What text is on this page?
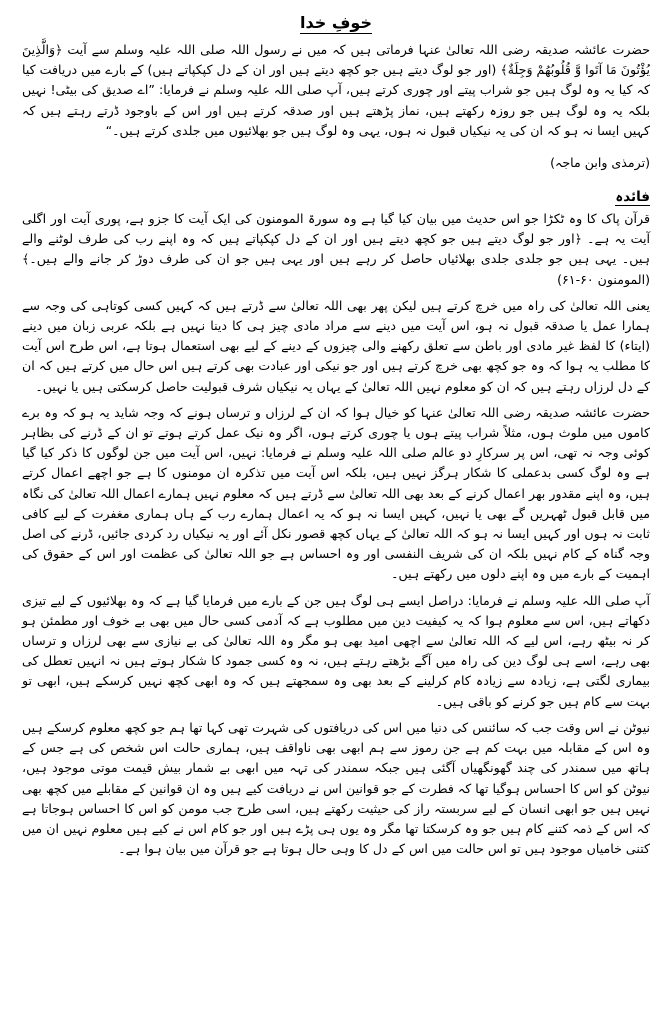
خوفِ خدا

حضرت عائشہ صدیقہ رضی اللہ تعالیٰ عنہا فرماتی ہیں کہ میں نے رسول اللہ صلی اللہ علیہ وسلم سے آیت ﴿وَالَّذِينَ يُؤْتُونَ مَا آتَوا وَّ قُلُوبُهُمْ وَجِلَةٌ﴾ (اور جو لوگ دیتے ہیں جو کچھ دیتے ہیں اور ان کے دل کپکپاتے ہیں) کے بارے میں دریافت کیا کہ کیا یہ وہ لوگ ہیں جو شراب پیتے اور چوری کرتے ہیں، آپ صلی اللہ علیہ وسلم نے فرمایا: ”اے صدیق کی بیٹی! نہیں بلکہ یہ وہ لوگ ہیں جو روزہ رکھتے ہیں، نماز پڑھتے ہیں اور صدقہ کرتے ہیں اور اس کے باوجود ڈرتے رہتے ہیں کہ کہیں ایسا نہ ہو کہ ان کی یہ نیکیاں قبول نہ ہوں، یہی وہ لوگ ہیں جو بھلائیوں میں جلدی کرتے ہیں۔“

(ترمذی وابن ماجہ)

فائدہ

قرآن پاک کا وہ ٹکڑا جو اس حدیث میں بیان کیا گیا ہے وہ سورۃ المومنون کی ایک آیت کا جزو ہے، پوری آیت اور اگلی آیت یہ ہے۔ ﴿اور جو لوگ دیتے ہیں جو کچھ دیتے ہیں اور ان کے دل کپکپاتے ہیں کہ وہ اپنے رب کی طرف لوٹنے والے ہیں۔ یہی ہیں جو جلدی جلدی بھلائیاں حاصل کر رہے ہیں اور یہی ہیں جو ان کی طرف دوڑ کر جانے والے ہیں۔﴾ (المومنون ۶۰-۶۱)

یعنی اللہ تعالیٰ کی راہ میں خرچ کرتے ہیں لیکن پھر بھی اللہ تعالیٰ سے ڈرتے ہیں کہ کہیں کسی کوتاہی کی وجہ سے ہمارا عمل یا صدقہ قبول نہ ہو، اس آیت میں دینے سے مراد مادی چیز ہی کا دینا نہیں ہے بلکہ عربی زبان میں دینے (ایتاء) کا لفظ غیر مادی اور باطن سے تعلق رکھنے والی چیزوں کے دینے کے لیے بھی استعمال ہوتا ہے، اس طرح اس آیت کا مطلب یہ ہوا کہ وہ جو کچھ بھی خرچ کرتے ہیں اور جو نیکی اور عبادت بھی کرتے ہیں اس حال میں کرتے ہیں کہ ان کے دل لرزاں رہتے ہیں کہ ان کو معلوم نہیں اللہ تعالیٰ کے یہاں یہ نیکیاں شرف قبولیت حاصل کرسکتی ہیں یا نہیں۔

حضرت عائشہ صدیقہ رضی اللہ تعالیٰ عنہا کو خیال ہوا کہ ان کے لرزاں و ترساں ہونے کہ وجہ شاید یہ ہو کہ وہ برے کاموں میں ملوث ہوں، مثلاً شراب پیتے ہوں یا چوری کرتے ہوں، اگر وہ نیک عمل کرتے ہوتے تو ان کے ڈرنے کی بظاہر کوئی وجہ نہ تھی، اس پر سرکارِ دو عالم صلی اللہ علیہ وسلم نے فرمایا: نہیں، اس آیت میں جن لوگوں کا ذکر کیا گیا ہے وہ لوگ کسی بدعملی کا شکار ہرگز نہیں ہیں، بلکہ اس آیت میں تذکرہ ان مومنوں کا ہے جو اچھے اعمال کرتے ہیں، وہ اپنے مقدور بھر اعمال کرنے کے بعد بھی اللہ تعالیٰ سے ڈرتے ہیں کہ معلوم نہیں ہمارے اعمال اللہ تعالیٰ کی نگاہ میں قابل قبول ٹھہریں گے بھی یا نہیں، کہیں ایسا نہ ہو کہ یہ اعمال ہمارے رب کے ہاں ہماری مغفرت کے لیے کافی ثابت نہ ہوں اور کہیں ایسا نہ ہو کہ اللہ تعالیٰ کے یہاں کچھ قصور نکل آئے اور یہ نیکیاں رد کردی جائیں، ڈرنے کی اصل وجہ گناہ کے کام نہیں بلکہ ان کی شریف النفسی اور وہ احساس ہے جو اللہ تعالیٰ کی عظمت اور اس کے حقوق کی اہمیت کے بارے میں وہ اپنے دلوں میں رکھتے ہیں۔

آپ صلی اللہ علیہ وسلم نے فرمایا: دراصل ایسے ہی لوگ ہیں جن کے بارے میں فرمایا گیا ہے کہ وہ بھلائیوں کے لیے تیزی دکھاتے ہیں، اس سے معلوم ہوا کہ یہ کیفیت دین میں مطلوب ہے کہ آدمی کسی حال میں بھی بے خوف اور مطمئن ہو کر نہ بیٹھ رہے، اس لیے کہ اللہ تعالیٰ سے اچھی امید بھی ہو مگر وہ اللہ تعالیٰ کی بے نیازی سے بھی لرزاں و ترساں بھی رہے، اسے ہی لوگ دین کی راہ میں آگے بڑھتے رہتے ہیں، نہ وہ کسی جمود کا شکار ہوتے ہیں نہ انہیں تعطل کی بیماری لگتی ہے، زیادہ سے زیادہ کام کرلینے کے بعد بھی وہ سمجھتے ہیں کہ وہ ابھی کچھ نہیں کرسکے ہیں، ابھی تو بہت سے کام ہیں جو کرنے کو باقی ہیں۔

نیوٹن نے اس وقت جب کہ سائنس کی دنیا میں اس کی دریافتوں کی شہرت تھی کہا تھا ہم جو کچھ معلوم کرسکے ہیں وہ اس کے مقابلہ میں بہت کم ہے جن رموز سے ہم ابھی بھی ناواقف ہیں، ہماری حالت اس شخص کی ہے جس کے ہاتھ میں سمندر کی چند گھونگھیاں آگئی ہیں جبکہ سمندر کی تہہ میں ابھی بے شمار بیش قیمت موتی موجود ہیں، نیوٹن کو اس کا احساس ہوگیا تھا کہ فطرت کے جو قوانین اس نے دریافت کیے ہیں وہ ان قوانین کے مقابلے میں کچھ بھی نہیں ہیں جو ابھی انسان کے لیے سربستہ راز کی حیثیت رکھتے ہیں، اسی طرح جب مومن کو اس کا احساس ہوجاتا ہے کہ اس کے ذمہ کتنے کام ہیں جو وہ کرسکتا تھا مگر وہ یوں ہی پڑے ہیں اور جو کام اس نے کیے ہیں معلوم نہیں ان میں کتنی خامیاں موجود ہیں تو اس حالت میں اس کے دل کا وہی حال ہوتا ہے جو قرآن میں بیان ہوا ہے۔
